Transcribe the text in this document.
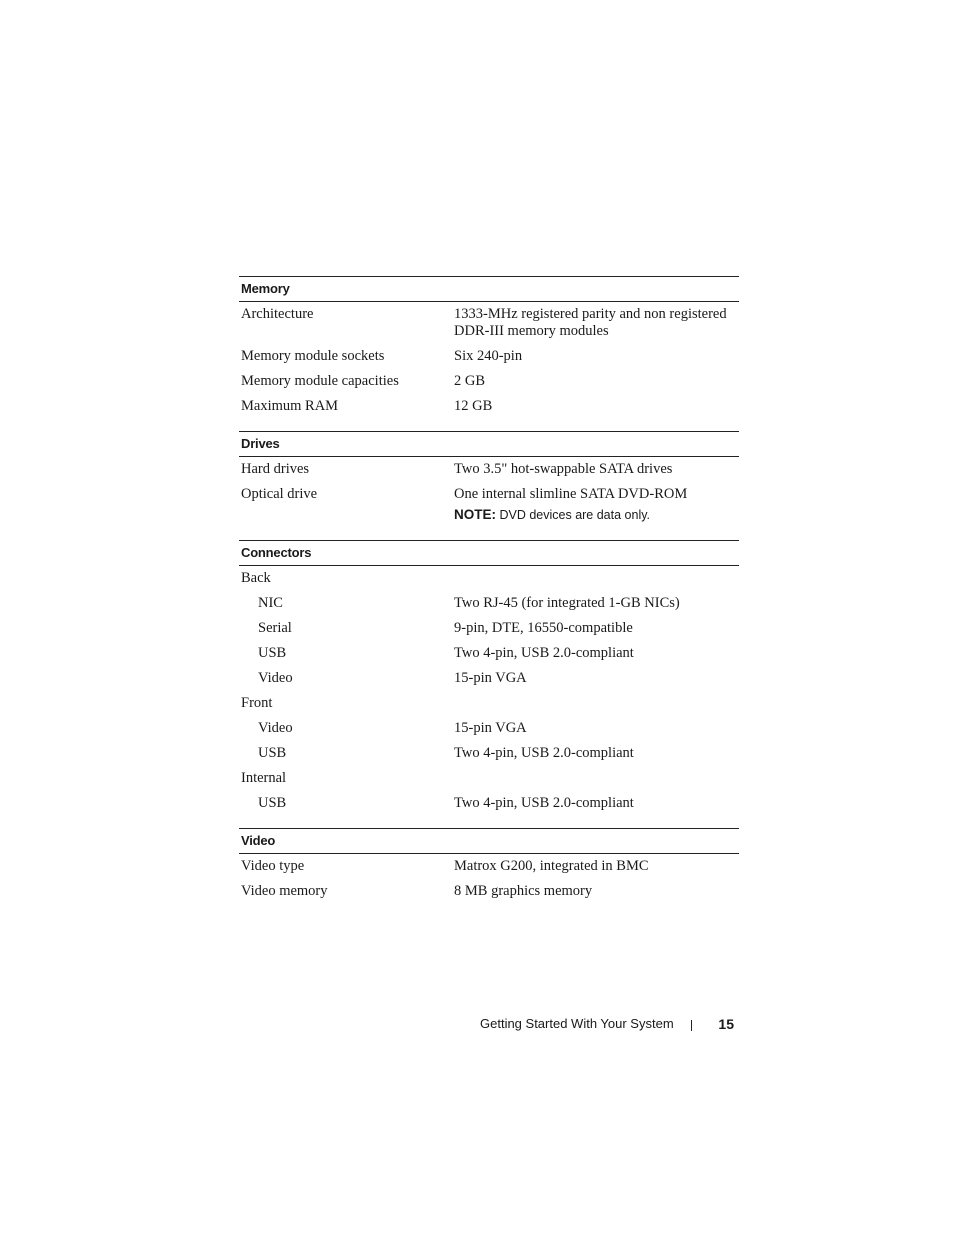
Memory
Architecture	1333-MHz registered parity and non registered DDR-III memory modules
Memory module sockets	Six 240-pin
Memory module capacities	2 GB
Maximum RAM	12 GB
Drives
Hard drives	Two 3.5" hot-swappable SATA drives
Optical drive	One internal slimline SATA DVD-ROM
NOTE: DVD devices are data only.
Connectors
Back
NIC	Two RJ-45 (for integrated 1-GB NICs)
Serial	9-pin, DTE, 16550-compatible
USB	Two 4-pin, USB 2.0-compliant
Video	15-pin VGA
Front
Video	15-pin VGA
USB	Two 4-pin, USB 2.0-compliant
Internal
USB	Two 4-pin, USB 2.0-compliant
Video
Video type	Matrox G200, integrated in BMC
Video memory	8 MB graphics memory
Getting Started With Your System	15
